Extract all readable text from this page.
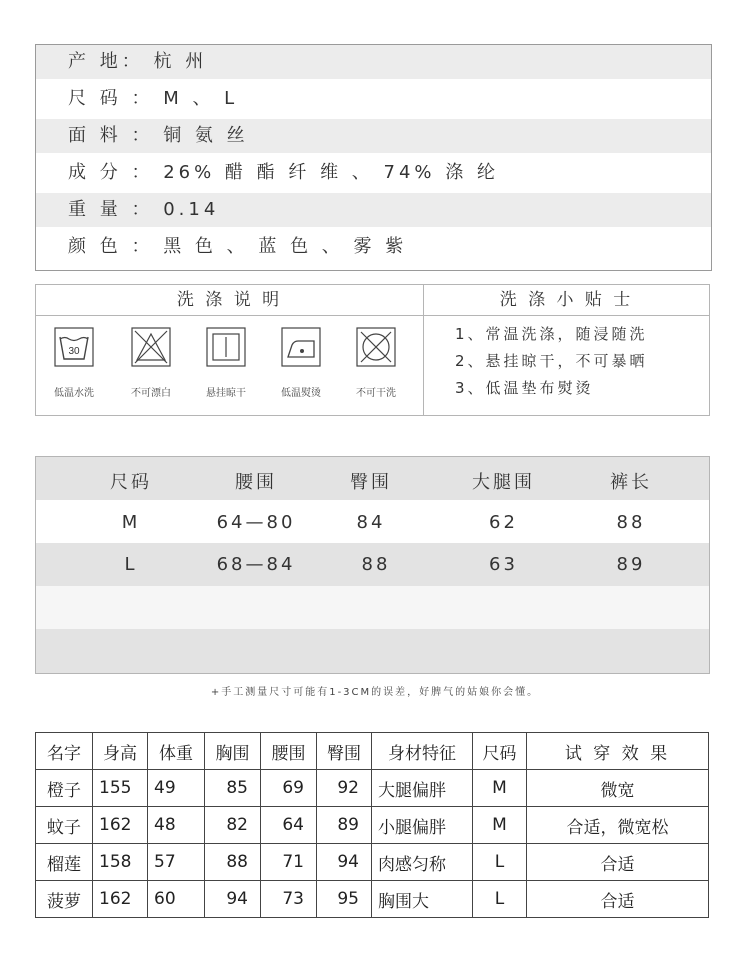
产 地： 杭 州
尺 码 ： M 、 L
面 料 ： 铜 氨 丝
成 分 ： 26% 醋 酯 纤 维 、 74% 涤 纶
重 量 ： 0.14
颜 色 ： 黑 色 、 蓝 色 、 雾 紫
洗 涤 说 明	洗 涤 小 贴 士
30
低温水洗	不可漂白	悬挂晾干	低温熨烫	不可干洗
1、常温洗涤，随浸随洗
2、悬挂晾干，不可暴晒
3、低温垫布熨烫
尺码	腰围	臀围	大腿围	裤长
M	64—80	84	62	88
L	68—84	88	63	89
+手工测量尺寸可能有1-3CM的误差，好脾气的姑娘你会懂。
名字	身高	体重	胸围	腰围	臀围	身材特征	尺码	试 穿 效 果
橙子	155	49	85	69	92	大腿偏胖	M	微宽
蚊子	162	48	82	64	89	小腿偏胖	M	合适，微宽松
榴莲	158	57	88	71	94	肉感匀称	L	合适
菠萝	162	60	94	73	95	胸围大	L	合适
